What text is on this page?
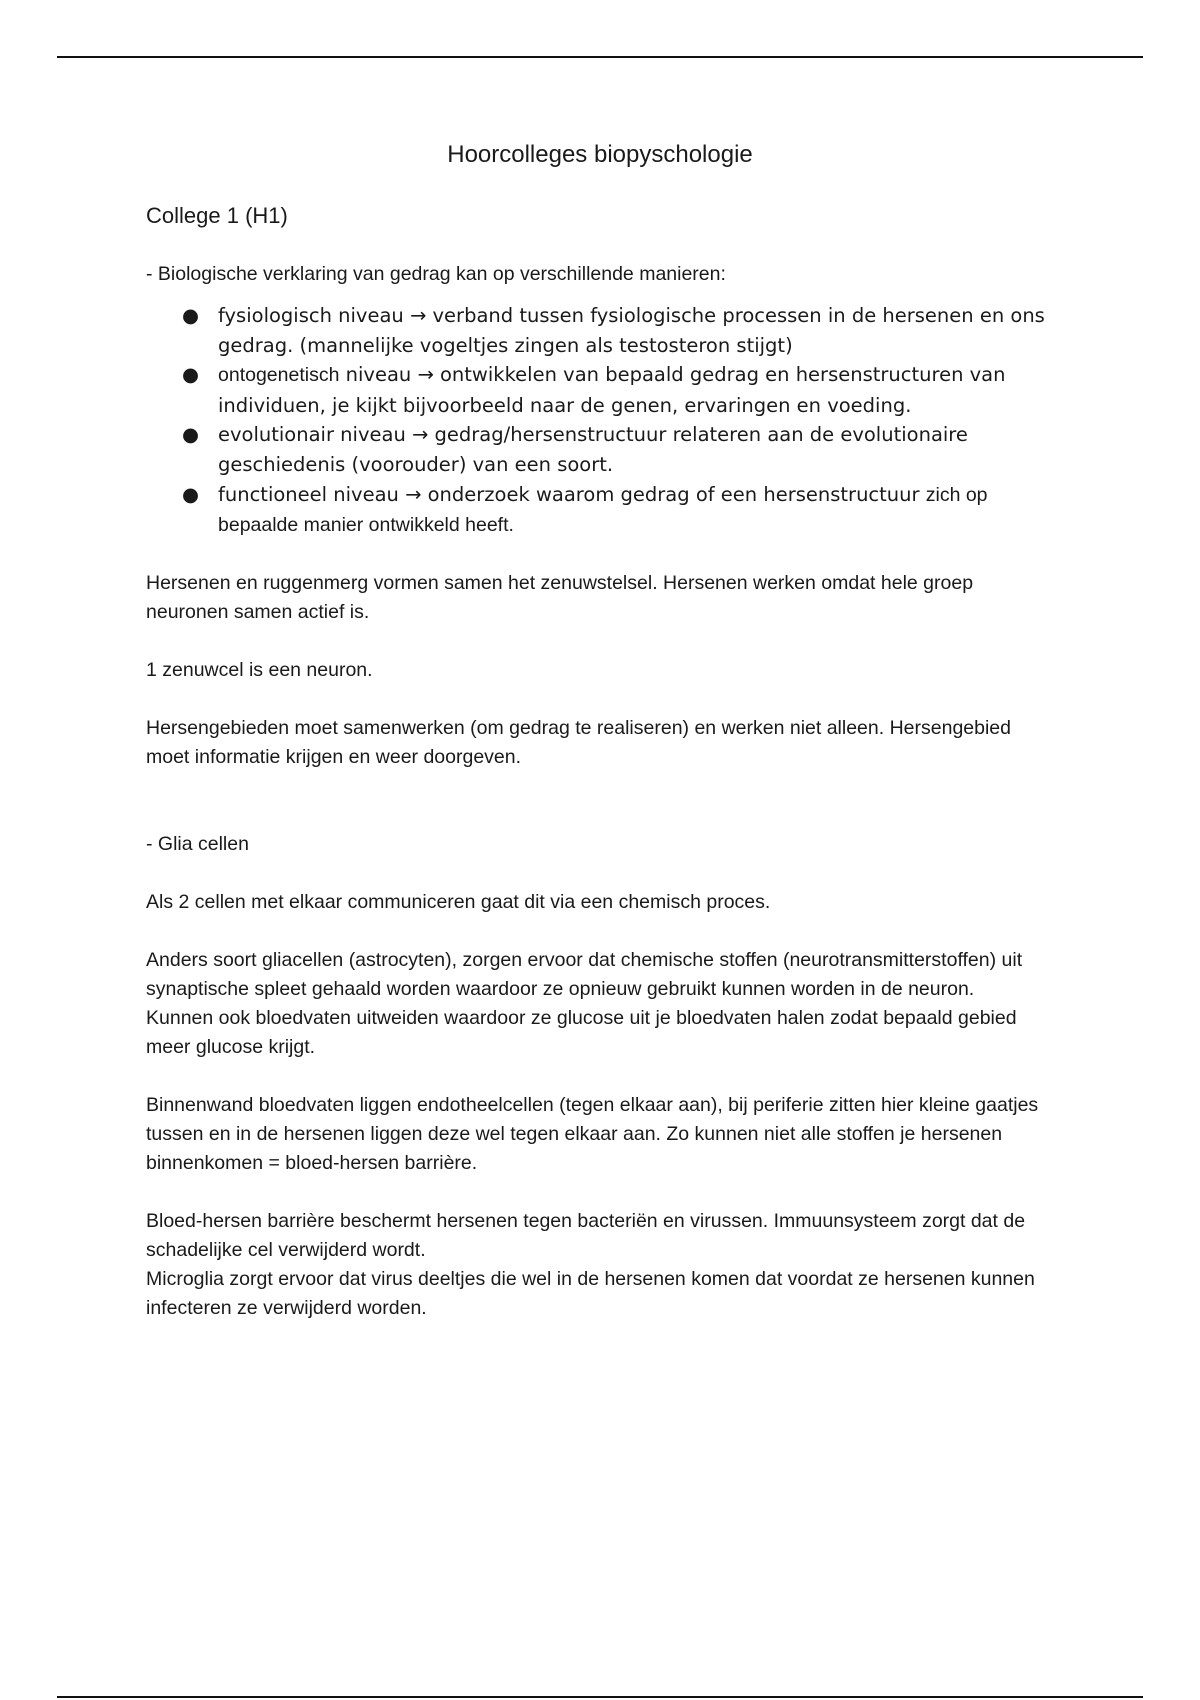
Hoorcolleges biopyschologie
College 1 (H1)

- Biologische verklaring van gedrag kan op verschillende manieren:

● fysiologisch niveau → verband tussen fysiologische processen in de hersenen en ons gedrag. (mannelijke vogeltjes zingen als testosteron stijgt)
● ontogenetisch niveau → ontwikkelen van bepaald gedrag en hersenstructuren van individuen, je kijkt bijvoorbeeld naar de genen, ervaringen en voeding.
● evolutionair niveau → gedrag/hersenstructuur relateren aan de evolutionaire geschiedenis (voorouder) van een soort.
● functioneel niveau → onderzoek waarom gedrag of een hersenstructuur zich op bepaalde manier ontwikkeld heeft.

Hersenen en ruggenmerg vormen samen het zenuwstelsel. Hersenen werken omdat hele groep neuronen samen actief is.

1 zenuwcel is een neuron.

Hersengebieden moet samenwerken (om gedrag te realiseren) en werken niet alleen. Hersengebied moet informatie krijgen en weer doorgeven.

- Glia cellen

Als 2 cellen met elkaar communiceren gaat dit via een chemisch proces.

Anders soort gliacellen (astrocyten), zorgen ervoor dat chemische stoffen (neurotransmitterstoffen) uit synaptische spleet gehaald worden waardoor ze opnieuw gebruikt kunnen worden in de neuron.

Kunnen ook bloedvaten uitweiden waardoor ze glucose uit je bloedvaten halen zodat bepaald gebied meer glucose krijgt.

Binnenwand bloedvaten liggen endotheelcellen (tegen elkaar aan), bij periferie zitten hier kleine gaatjes tussen en in de hersenen liggen deze wel tegen elkaar aan. Zo kunnen niet alle stoffen je hersenen binnenkomen = bloed-hersen barrière.

Bloed-hersen barrière beschermt hersenen tegen bacteriën en virussen. Immuunsysteem zorgt dat de schadelijke cel verwijderd wordt.

Microglia zorgt ervoor dat virus deeltjes die wel in de hersenen komen dat voordat ze hersenen kunnen infecteren ze verwijderd worden.
